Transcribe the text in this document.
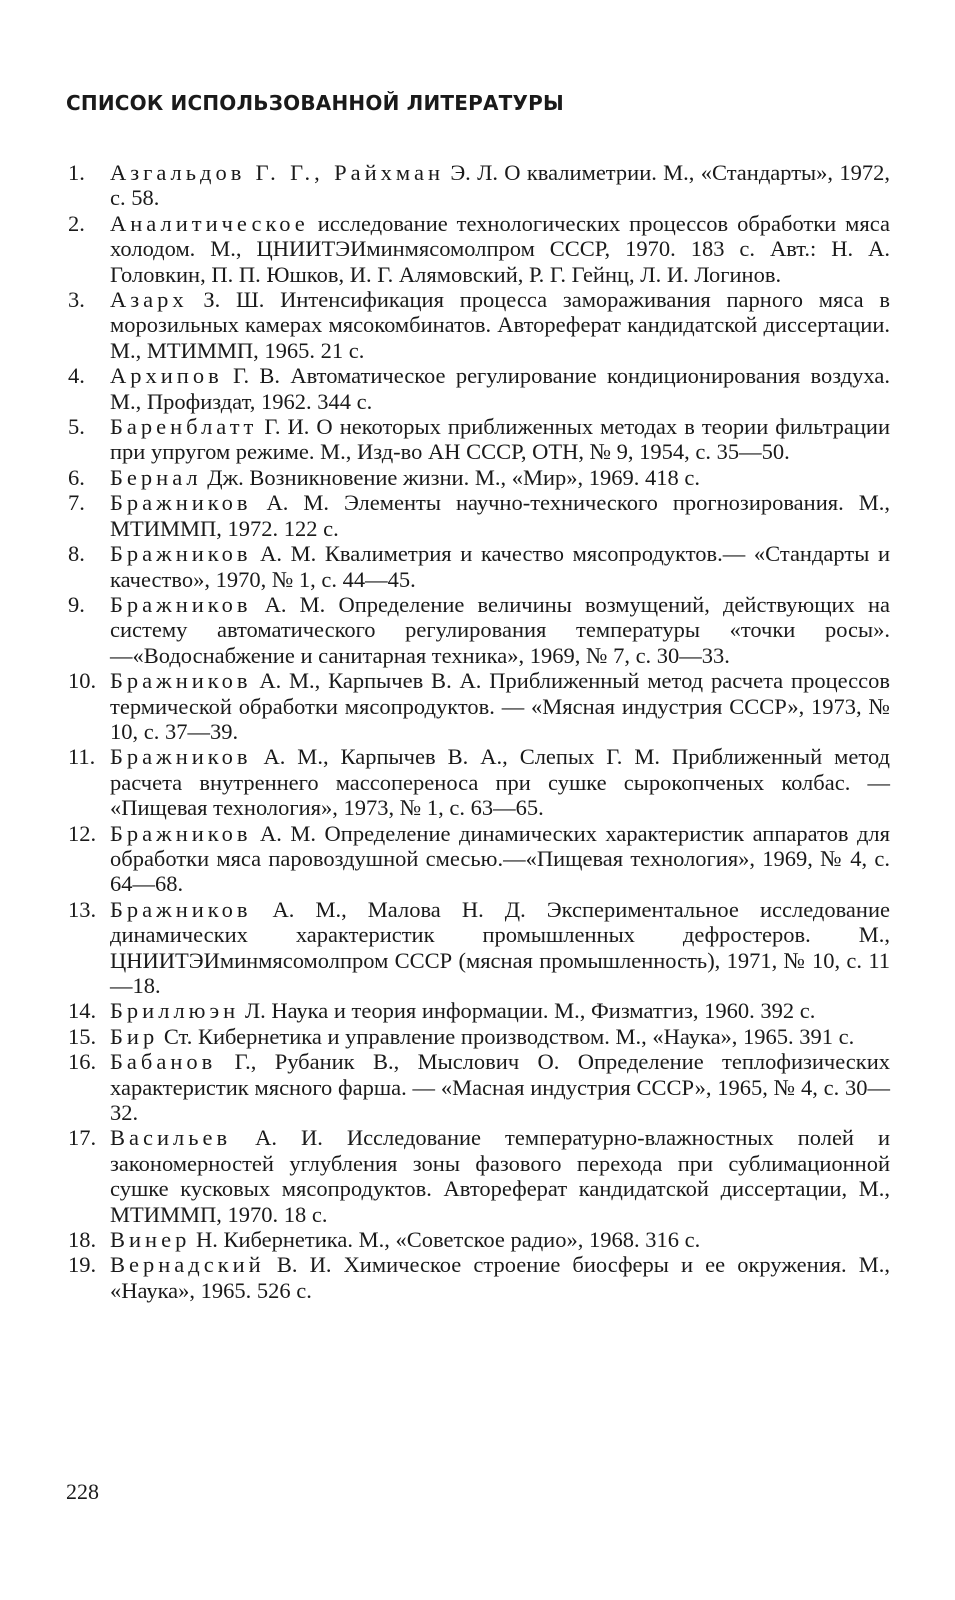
СПИСОК ИСПОЛЬЗОВАННОЙ ЛИТЕРАТУРЫ
1.	Азгальдов Г. Г., Райхман Э. Л. О квалиметрии. М., «Стандарты», 1972, с. 58.
2.	Аналитическое исследование технологических процессов обработки мяса холодом. М., ЦНИИТЭИминмясомолпром СССР, 1970. 183 с. Авт.: Н. А. Головкин, П. П. Юшков, И. Г. Алямовский, Р. Г. Гейнц, Л. И. Логинов.
3.	Азарх З. Ш. Интенсификация процесса замораживания парного мяса в морозильных камерах мясокомбинатов. Автореферат кандидатской диссертации. М., МТИММП, 1965. 21 с.
4.	Архипов Г. В. Автоматическое регулирование кондиционирования воздуха. М., Профиздат, 1962. 344 с.
5.	Баренблатт Г. И. О некоторых приближенных методах в теории фильтрации при упругом режиме. М., Изд-во АН СССР, ОТН, № 9, 1954, с. 35—50.
6.	Бернал Дж. Возникновение жизни. М., «Мир», 1969. 418 с.
7.	Бражников А. М. Элементы научно-технического прогнозирования. М., МТИММП, 1972. 122 с.
8.	Бражников А. М. Квалиметрия и качество мясопродуктов.— «Стандарты и качество», 1970, № 1, с. 44—45.
9.	Бражников А. М. Определение величины возмущений, действующих на систему автоматического регулирования температуры «точки росы».—«Водоснабжение и санитарная техника», 1969, № 7, с. 30—33.
10. Бражников А. М., Карпычев В. А. Приближенный метод расчета процессов термической обработки мясопродуктов. — «Мясная индустрия СССР», 1973, № 10, с. 37—39.
11. Бражников А. М., Карпычев В. А., Слепых Г. М. Приближенный метод расчета внутреннего массопереноса при сушке сырокопченых колбас. — «Пищевая технология», 1973, № 1, с. 63—65.
12. Бражников А. М. Определение динамических характеристик аппаратов для обработки мяса паровоздушной смесью.—«Пищевая технология», 1969, № 4, с. 64—68.
13. Бражников А. М., Малова Н. Д. Экспериментальное исследование динамических характеристик промышленных дефростеров. М., ЦНИИТЭИминмясомолпром СССР (мясная промышленность), 1971, № 10, с. 11—18.
14. Бриллюэн Л. Наука и теория информации. М., Физматгиз, 1960. 392 с.
15. Бир Ст. Кибернетика и управление производством. М., «Наука», 1965. 391 с.
16. Бабанов Г., Рубаник В., Мыслович О. Определение теплофизических характеристик мясного фарша. — «Масная индустрия СССР», 1965, № 4, с. 30—32.
17. Васильев А. И. Исследование температурно-влажностных полей и закономерностей углубления зоны фазового перехода при сублимационной сушке кусковых мясопродуктов. Автореферат кандидатской диссертации, М., МТИММП, 1970. 18 с.
18. Винер Н. Кибернетика. М., «Советское радио», 1968. 316 с.
19. Вернадский В. И. Химическое строение биосферы и ее окружения. М., «Наука», 1965. 526 с.
228
